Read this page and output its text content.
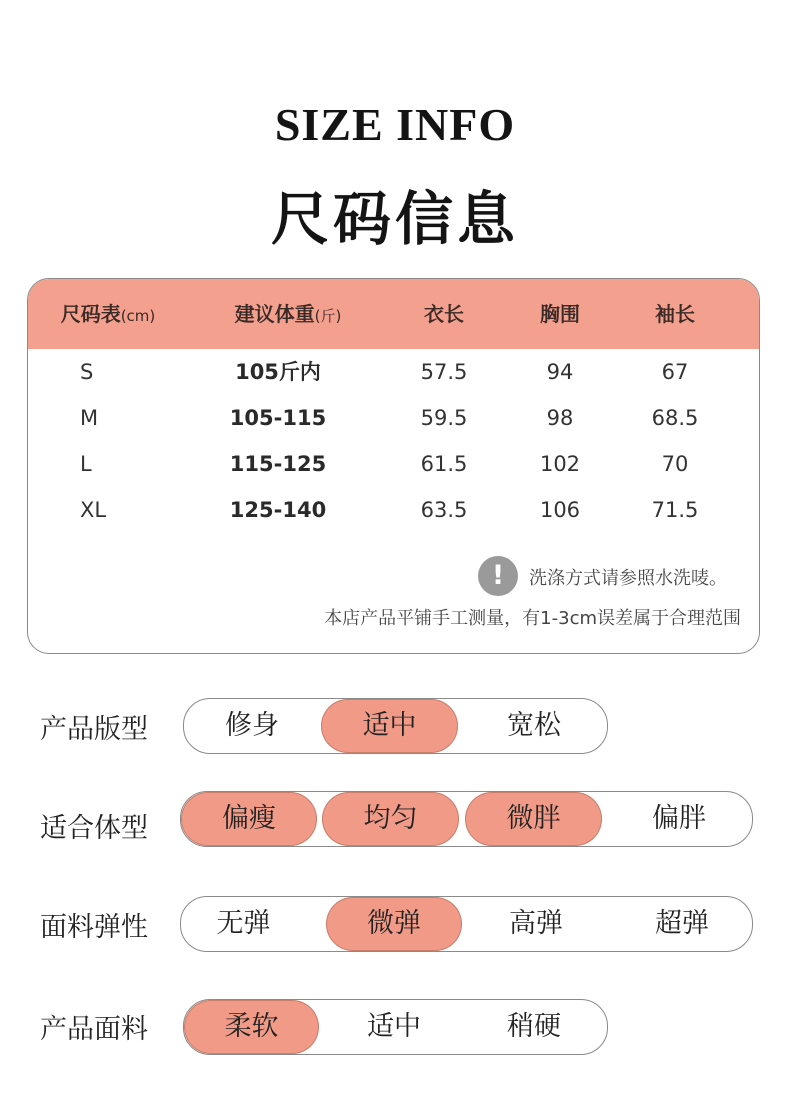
SIZE INFO
尺码信息
尺码表(cm)	建议体重(斤)	衣长	胸围	袖长
S	105斤内	57.5	94	67
M	105-115	59.5	98	68.5
L	115-125	61.5	102	70
XL	125-140	63.5	106	71.5
!	洗涤方式请参照水洗唛。
本店产品平铺手工测量，有1-3cm误差属于合理范围
产品版型	修身	适中	宽松
适合体型	偏瘦	均匀	微胖	偏胖
面料弹性	无弹	微弹	高弹	超弹
产品面料	柔软	适中	稍硬
